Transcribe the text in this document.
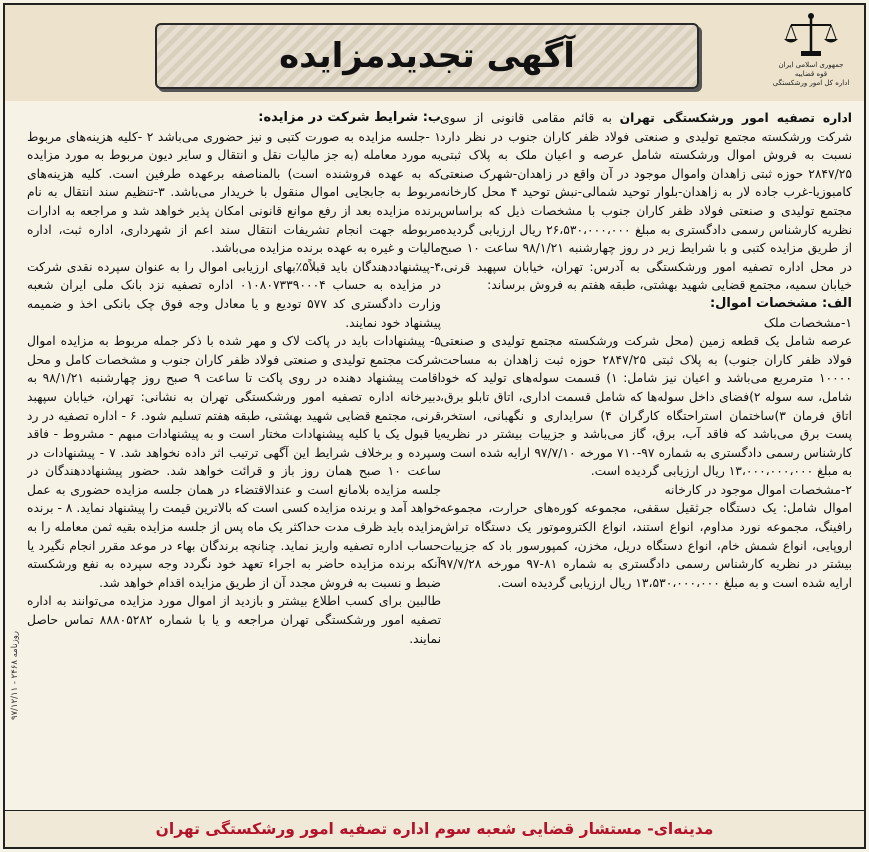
آگهی تجدیدمزایده	جمهوری اسلامی ایران
قوه قضاییه
اداره کل امور ورشکستگی

اداره تصفیه امور ورشکستگی تهران به قائم مقامی قانونی از سوی شرکت ورشکسته مجتمع تولیدی و صنعتی فولاد ظفر کاران جنوب در نظر دارد نسبت به فروش اموال ورشکسته شامل عرصه و اعیان ملک به پلاک ثبتی ۲۸۴۷/۲۵ حوزه ثبتی زاهدان واموال موجود در آن واقع در زاهدان-شهرک صنعتی کامبوزیا-غرب جاده لار به زاهدان-بلوار توحید شمالی-نبش توحید ۴ محل کارخانه مجتمع تولیدی و صنعتی فولاد ظفر کاران جنوب با مشخصات ذیل که براساس نظریه کارشناس رسمی دادگستری به مبلغ ۲۶،۵۳۰،۰۰۰،۰۰۰ ریال ارزیابی گردیده از طریق مزایده کتبی و با شرایط زیر در روز چهارشنبه ۹۸/۱/۲۱ ساعت ۱۰ صبح در محل اداره تصفیه امور ورشکستگی به آدرس: تهران، خیابان سپهبد قرنی، خیابان سمیه، مجتمع قضایی شهید بهشتی، طبقه هفتم به فروش برساند:

الف: مشخصات اموال:

۱-مشخصات ملک

عرصه شامل یک قطعه زمین (محل شرکت ورشکسته مجتمع تولیدی و صنعتی فولاد ظفر کاران جنوب) به پلاک ثبتی ۲۸۴۷/۲۵ حوزه ثبت زاهدان به مساحت ۱۰۰۰۰ مترمربع می‌باشد و اعیان نیز شامل: ۱) قسمت سوله‌های تولید که خود شامل، سه سوله ۲)فضای داخل سوله‌ها که شامل قسمت اداری، اتاق تابلو برق، اتاق فرمان ۳)ساختمان استراحتگاه کارگران ۴) سرایداری و نگهبانی، استخر، پست برق می‌باشد که فاقد آب، برق، گاز می‌باشد و جزییات بیشتر در نظریه کارشناس رسمی دادگستری به شماره ۹۷-۷۱۰ مورخه ۹۷/۷/۱۰ ارایه شده است و به مبلغ ۱۳،۰۰۰،۰۰۰،۰۰۰ ریال ارزیابی گردیده است.

۲-مشخصات اموال موجود در کارخانه

اموال شامل: یک دستگاه جرثقیل سقفی، مجموعه کوره‌های حرارت، مجموعه رافینگ، مجموعه نورد مداوم، انواع استند، انواع الکتروموتور یک دستگاه تراش اروپایی، انواع شمش خام، انواع دستگاه دریل، مخزن، کمپورسور باد که جزییات بیشتر در نظریه کارشناس رسمی دادگستری به شماره ۸۱-۹۷ مورخه ۹۷/۷/۲۸ ارایه شده است و به مبلغ ۱۳،۵۳۰،۰۰۰،۰۰۰ ریال ارزیابی گردیده است.

ب: شرایط شرکت در مزایده:

۱ -جلسه مزایده به صورت کتبی و نیز حضوری می‌باشد ۲ -کلیه هزینه‌های مربوط به مورد معامله (به جز مالیات نقل و انتقال و سایر دیون مربوط به مورد مزایده که به عهده فروشنده است) بالمناصفه برعهده طرفین است. کلیه هزینه‌های مربوط به جابجایی اموال منقول با خریدار می‌باشد. ۳-تنظیم سند انتقال به نام برنده مزایده بعد از رفع موانع قانونی امکان پذیر خواهد شد و مراجعه به ادارات مربوطه جهت انجام تشریفات انتقال سند اعم از شهرداری، اداره ثبت، اداره مالیات و غیره به عهده برنده مزایده می‌باشد.

۴-پیشنهاددهندگان باید قبلاً۵٪بهای ارزیابی اموال را به عنوان سپرده نقدی شرکت در مزایده به حساب ۰۱۰۸۰۷۳۳۹۰۰۰۴ اداره تصفیه نزد بانک ملی ایران شعبه وزارت دادگستری کد ۵۷۷ توديع و یا معادل وجه فوق چک بانکی اخذ و ضمیمه پیشنهاد خود نمایند.

۵- پیشنهادات باید در پاکت لاک و مهر شده با ذکر جمله مربوط به مزایده اموال شرکت مجتمع تولیدی و صنعتی فولاد ظفر کاران جنوب و مشخصات کامل و محل اقامت پیشنهاد دهنده در روی پاکت تا ساعت ۹ صبح روز چهارشنبه ۹۸/۱/۲۱ به دبیرخانه اداره تصفیه امور ورشکستگی تهران به نشانی: تهران، خیابان سپهبد قرنی، مجتمع قضایی شهید بهشتی، طبقه هفتم تسلیم شود. ۶ - اداره تصفیه در رد یا قبول یک یا کلیه پیشنهادات مختار است و به پیشنهادات مبهم - مشروط - فاقد سپرده و برخلاف شرایط این آگهی ترتیب اثر داده نخواهد شد. ۷ - پیشنهادات در ساعت ۱۰ صبح همان روز باز و قرائت خواهد شد. حضور پیشنهاددهندگان در جلسه مزایده بلامانع است و عندالاقتضاء در همان جلسه مزایده حضوری به عمل خواهد آمد و برنده مزایده کسی است که بالاترین قیمت را پیشنهاد نماید. ۸ - برنده مزایده باید ظرف مدت حداکثر یک ماه پس از جلسه مزایده بقیه ثمن معامله را به حساب اداره تصفیه واریز نماید. چنانچه برندگان بهاء در موعد مقرر انجام نگیرد یا آنکه برنده مزایده حاضر به اجراء تعهد خود نگردد وجه سپرده به نفع ورشکسته ضبط و نسبت به فروش مجدد آن از طریق مزایده اقدام خواهد شد.

طالبین برای کسب اطلاع بیشتر و بازدید از اموال مورد مزایده می‌توانند به اداره تصفیه امور ورشکستگی تهران مراجعه و یا با شماره ۸۸۸۰۵۲۸۲ تماس حاصل نمایند.

روزنامه ۲۴۶۸ - ۹۷/۱۲/۱۱
مدینه‌ای- مستشار قضایی شعبه سوم اداره تصفیه امور ورشکستگی تهران
